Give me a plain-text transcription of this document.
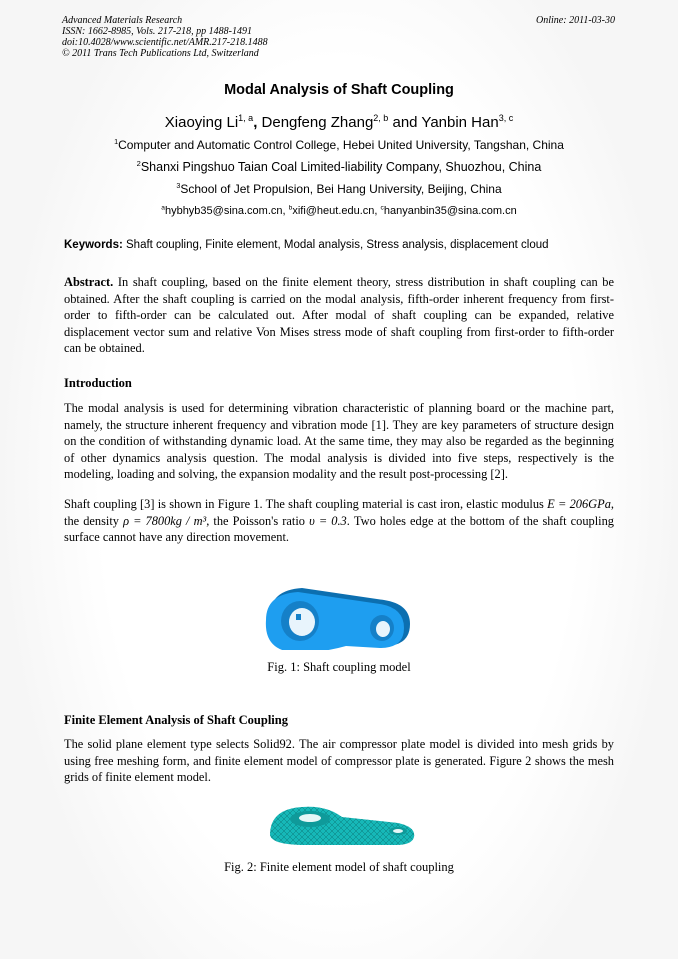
Advanced Materials Research
ISSN: 1662-8985, Vols. 217-218, pp 1488-1491
doi:10.4028/www.scientific.net/AMR.217-218.1488
© 2011 Trans Tech Publications Ltd, Switzerland
Online: 2011-03-30
Modal Analysis of Shaft Coupling
Xiaoying Li$^{1, a}$, Dengfeng Zhang$^{2, b}$ and Yanbin Han$^{3, c}$
$^1$Computer and Automatic Control College, Hebei United University, Tangshan, China
$^2$Shanxi Pingshuo Taian Coal Limited-liability Company, Shuozhou, China
$^3$School of Jet Propulsion, Bei Hang University, Beijing, China
$^a$hybhyb35@sina.com.cn, $^b$xifi@heut.edu.cn, $^c$hanyanbin35@sina.com.cn
Keywords: Shaft coupling, Finite element, Modal analysis, Stress analysis, displacement cloud
Abstract. In shaft coupling, based on the finite element theory, stress distribution in shaft coupling can be obtained. After the shaft coupling is carried on the modal analysis, fifth-order inherent frequency from first-order to fifth-order can be calculated out. After modal of shaft coupling can be expanded, relative displacement vector sum and relative Von Mises stress mode of shaft coupling from first-order to fifth-order can be obtained.
Introduction
The modal analysis is used for determining vibration characteristic of planning board or the machine part, namely, the structure inherent frequency and vibration mode [1]. They are key parameters of structure design on the condition of withstanding dynamic load. At the same time, they may also be regarded as the beginning of other dynamics analysis question. The modal analysis is divided into five steps, respectively is the modeling, loading and solving, the expansion modality and the result post-processing [2].
Shaft coupling [3] is shown in Figure 1. The shaft coupling material is cast iron, elastic modulus E = 206GPa, the density ρ = 7800kg / m³, the Poisson's ratio υ = 0.3. Two holes edge at the bottom of the shaft coupling surface cannot have any direction movement.
Fig. 1: Shaft coupling model
Finite Element Analysis of Shaft Coupling
The solid plane element type selects Solid92. The air compressor plate model is divided into mesh grids by using free meshing form, and finite element model of compressor plate is generated. Figure 2 shows the mesh grids of finite element model.
Fig. 2: Finite element model of shaft coupling
